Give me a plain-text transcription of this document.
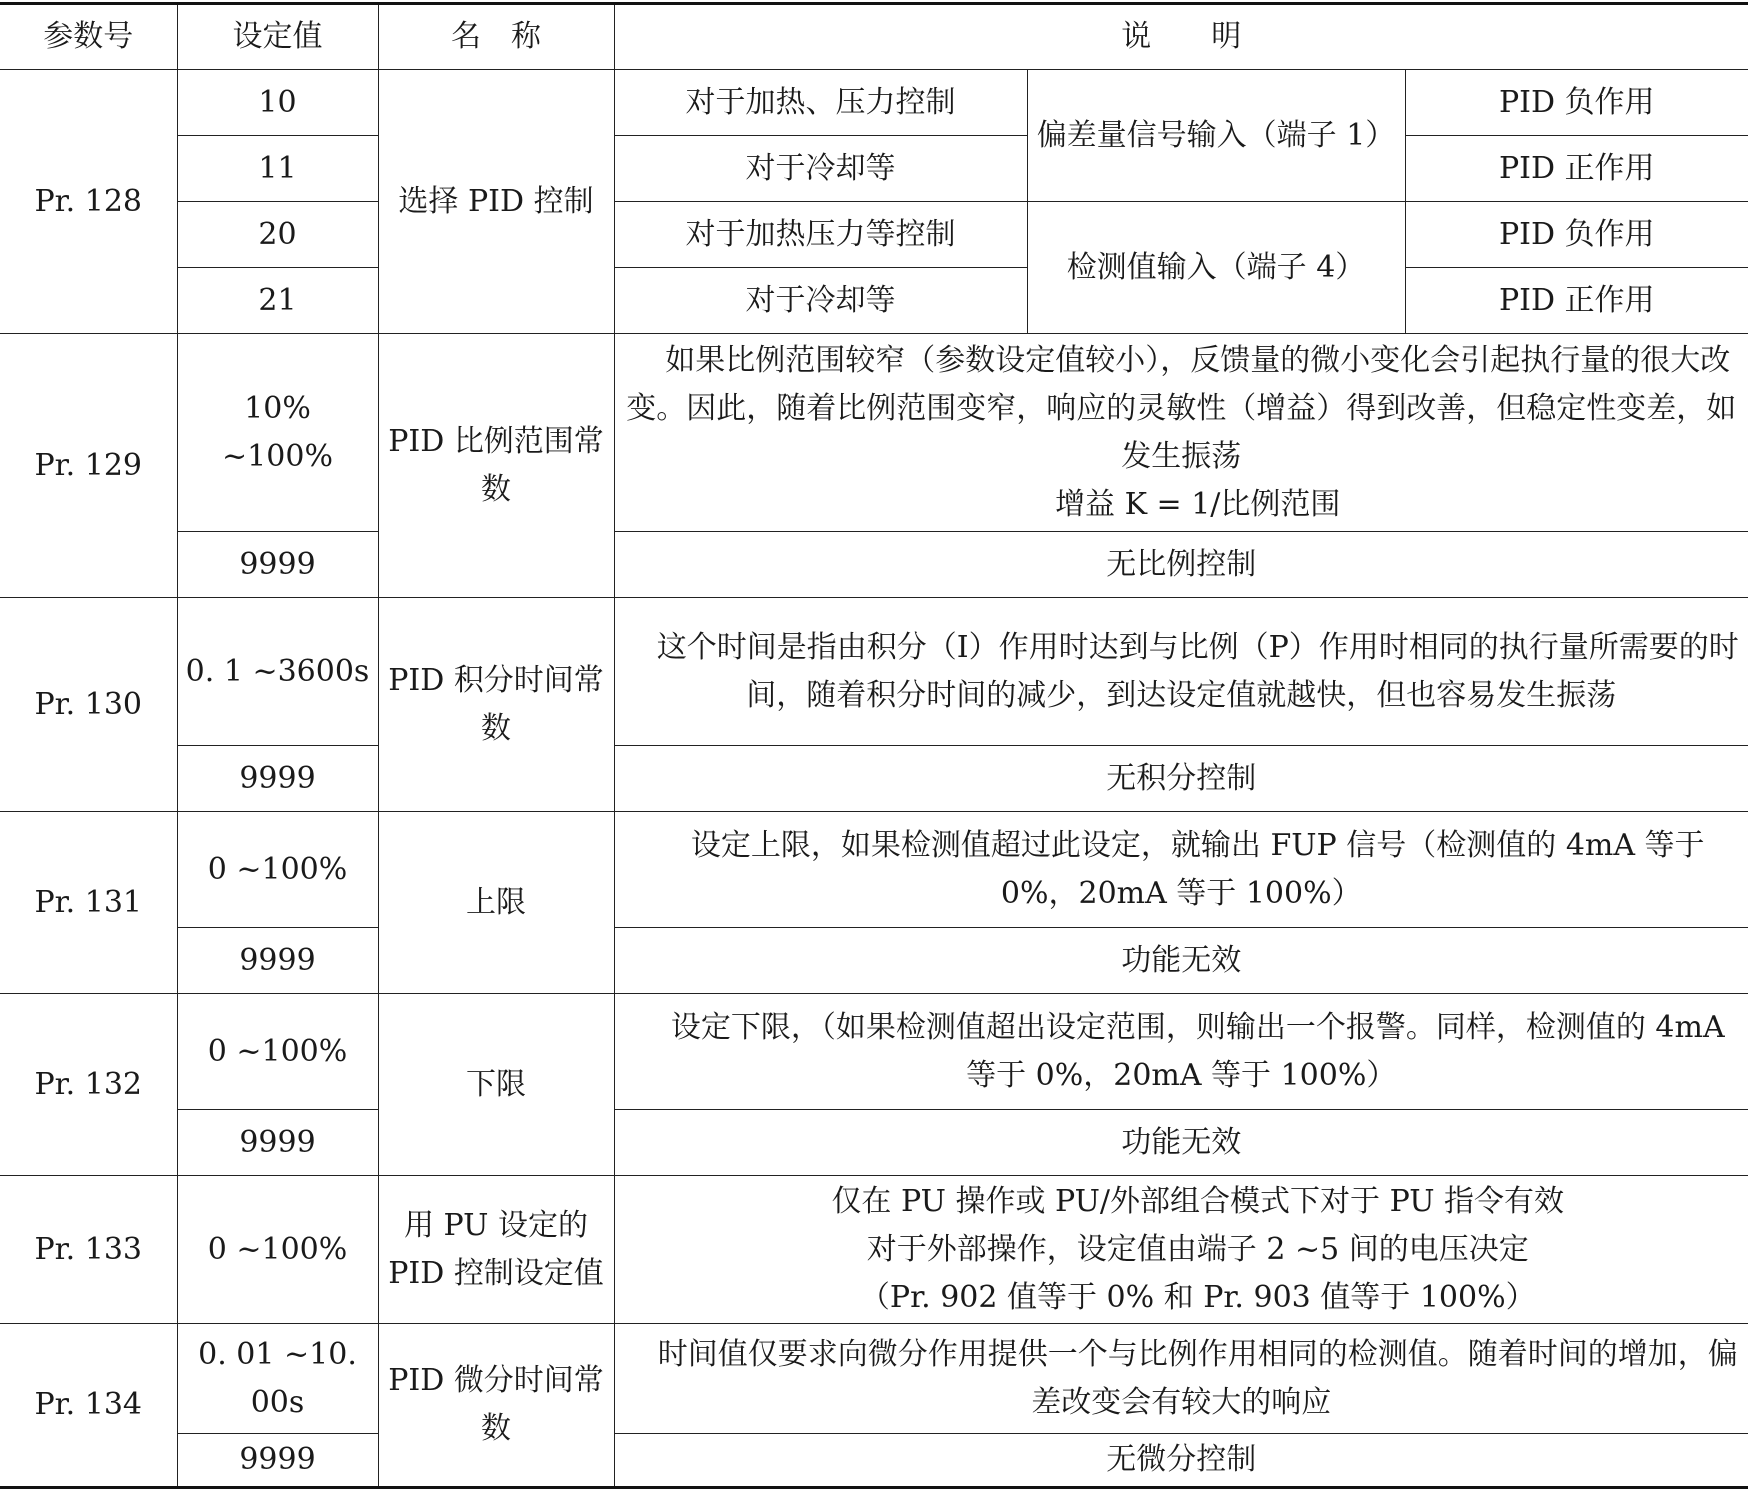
参数号	设定值	名　称	说　　明		
Pr. 128	10	选择 PID 控制	对于加热、压力控制	偏差量信号输入（端子 1）	PID 负作用
	11		对于冷却等		PID 正作用
	20		对于加热压力等控制	检测值输入（端子 4）	PID 负作用
	21		对于冷却等		PID 正作用
Pr. 129	10% ~100%	PID 比例范围常数	如果比例范围较窄（参数设定值较小），反馈量的微小变化会引起执行量的很大改变。因此，随着比例范围变窄，响应的灵敏性（增益）得到改善，但稳定性变差，如发生振荡

增益 K = 1/比例范围		

	9999		无比例控制		
Pr. 130	0. 1 ~3600s	PID 积分时间常数	这个时间是指由积分（I）作用时达到与比例（P）作用时相同的执行量所需要的时间，随着积分时间的减少，到达设定值就越快，但也容易发生振荡		

	9999		无积分控制		
Pr. 131	0 ~100%	上限	设定上限，如果检测值超过此设定，就输出 FUP 信号（检测值的 4mA 等于 0%，20mA 等于 100%）		

	9999		功能无效		
Pr. 132	0 ~100%	下限	设定下限，（如果检测值超出设定范围，则输出一个报警。同样，检测值的 4mA 等于 0%，20mA 等于 100%）		

	9999		功能无效		
Pr. 133	0 ~100%	用 PU 设定的 PID 控制设定值	仅在 PU 操作或 PU/外部组合模式下对于 PU 指令有效

对于外部操作，设定值由端子 2 ~5 间的电压决定

（Pr. 902 值等于 0% 和 Pr. 903 值等于 100%）		

Pr. 134	0. 01 ~10. 00s	PID 微分时间常数	时间值仅要求向微分作用提供一个与比例作用相同的检测值。随着时间的增加，偏差改变会有较大的响应		

	9999		无微分控制		
